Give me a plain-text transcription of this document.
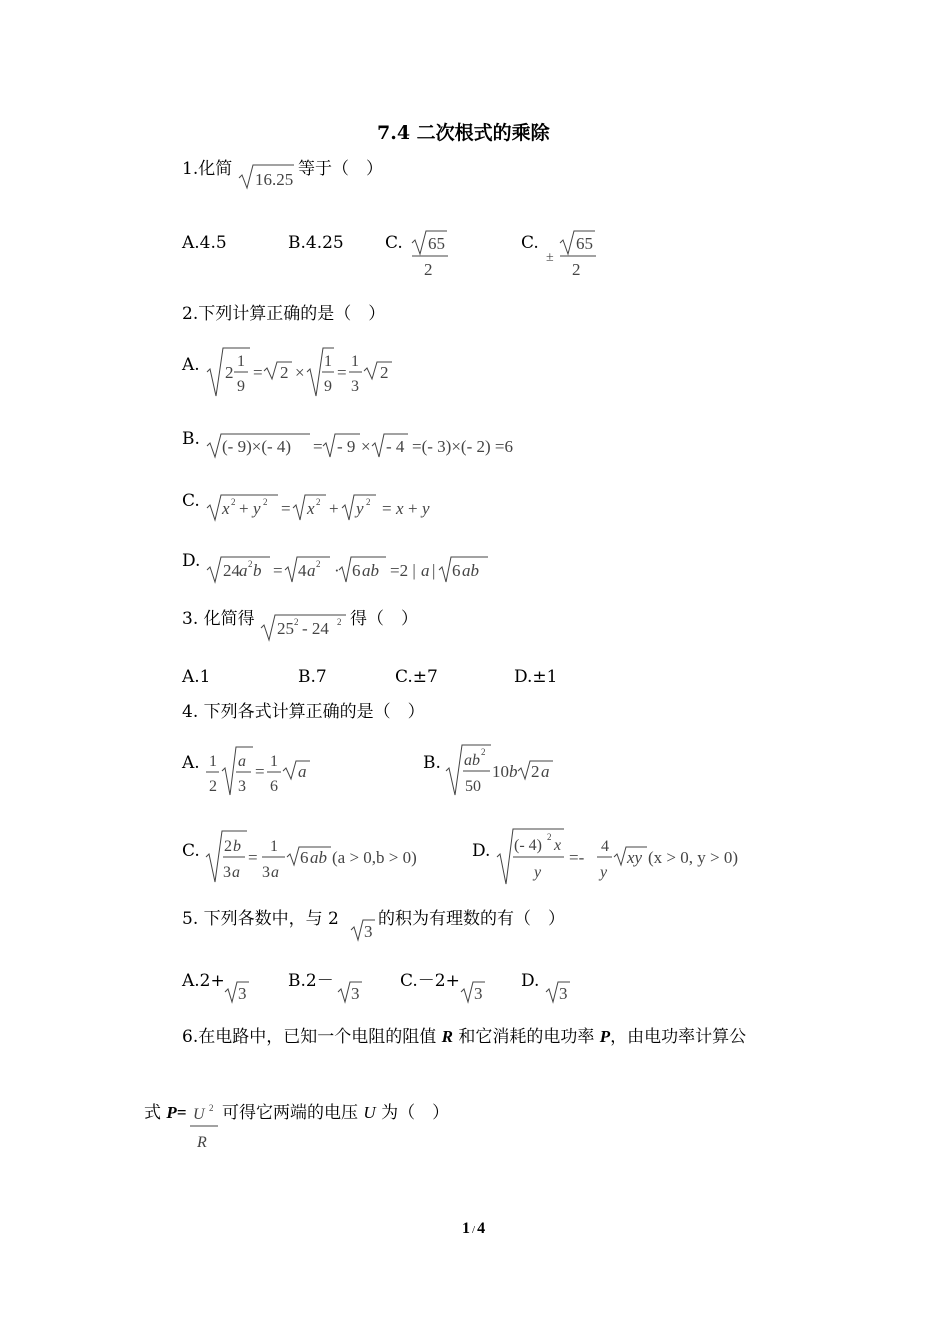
7.4 二次根式的乘除
1.化简
16.25
等于（　）
A.4.5	B.4.25 C. 65
2
C.
±
65
2
2.下列计算正确的是（　）
A. 2
1
9
= 2 ×
1
9
=
1
3
2
B. (- 9)×(- 4) = - 9 × - 4 =(- 3)×(- 2) =6
C. x 2 + y 2 = x 2 + y 2 = x + y
D. 24 a 2 b = 4 a 2 · 6 ab =2 | a | 6 ab
3. 化简得 25 2 - 24 2 得（　）
A.1	B.7	C.±7	D.±1
4. 下列各式计算正确的是（　）
A. 1
2
a
3
=
1
6
a	B. ab 2
50
10 b 2 a
C. 2 b
3 a
=
1
3 a
6 ab (a > 0,b > 0)	D. (- 4) 2 x
y
=-
4
y
xy (x > 0, y > 0)
5. 下列各数中，与 2
3
的积为有理数的有（　）
A.2+
3
B.2－
3
C.－2+
3
D.
3
6.在电路中，已知一个电阻的阻值 R 和它消耗的电功率 P，由电功率计算公
式 P= U 2
R
可得它两端的电压 U 为（　）
1 / 4
